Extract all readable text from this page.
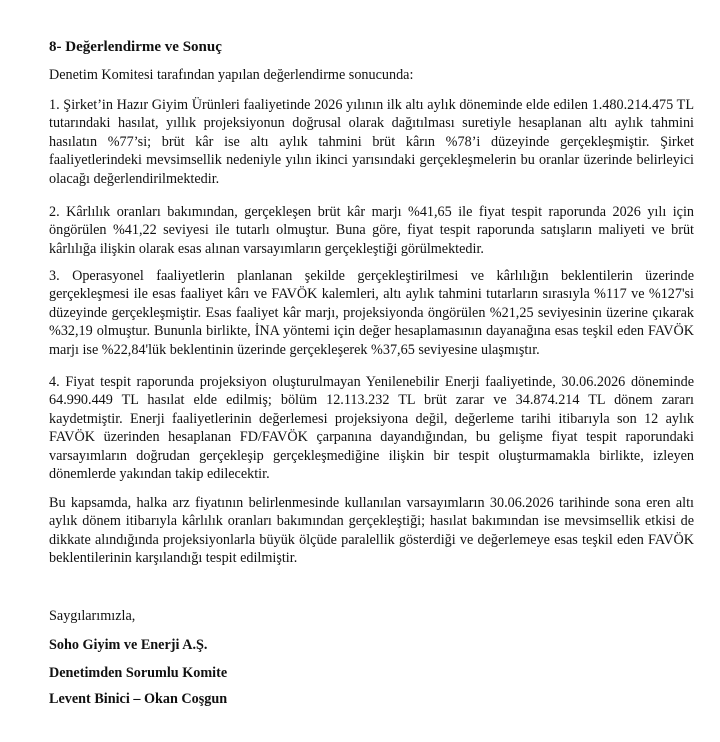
8- Değerlendirme ve Sonuç
Denetim Komitesi tarafından yapılan değerlendirme sonucunda:

1. Şirket’in Hazır Giyim Ürünleri faaliyetinde 2026 yılının ilk altı aylık döneminde elde edilen 1.480.214.475 TL tutarındaki hasılat, yıllık projeksiyonun doğrusal olarak dağıtılması suretiyle hesaplanan altı aylık tahmini hasılatın %77’si; brüt kâr ise altı aylık tahmini brüt kârın %78’i düzeyinde gerçekleşmiştir. Şirket faaliyetlerindeki mevsimsellik nedeniyle yılın ikinci yarısındaki gerçekleşmelerin bu oranlar üzerinde belirleyici olacağı değerlendirilmektedir.

2. Kârlılık oranları bakımından, gerçekleşen brüt kâr marjı %41,65 ile fiyat tespit raporunda 2026 yılı için öngörülen %41,22 seviyesi ile tutarlı olmuştur. Buna göre, fiyat tespit raporunda satışların maliyeti ve brüt kârlılığa ilişkin olarak esas alınan varsayımların gerçekleştiği görülmektedir.

3. Operasyonel faaliyetlerin planlanan şekilde gerçekleştirilmesi ve kârlılığın beklentilerin üzerinde gerçekleşmesi ile esas faaliyet kârı ve FAVÖK kalemleri, altı aylık tahmini tutarların sırasıyla %117 ve %127'si düzeyinde gerçekleşmiştir. Esas faaliyet kâr marjı, projeksiyonda öngörülen %21,25 seviyesinin üzerine çıkarak %32,19 olmuştur. Bununla birlikte, İNA yöntemi için değer hesaplamasının dayanağına esas teşkil eden FAVÖK marjı ise %22,84'lük beklentinin üzerinde gerçekleşerek %37,65 seviyesine ulaşmıştır.

4. Fiyat tespit raporunda projeksiyon oluşturulmayan Yenilenebilir Enerji faaliyetinde, 30.06.2026 döneminde 64.990.449 TL hasılat elde edilmiş; bölüm 12.113.232 TL brüt zarar ve 34.874.214 TL dönem zararı kaydetmiştir. Enerji faaliyetlerinin değerlemesi projeksiyona değil, değerleme tarihi itibarıyla son 12 aylık FAVÖK üzerinden hesaplanan FD/FAVÖK çarpanına dayandığından, bu gelişme fiyat tespit raporundaki varsayımların doğrudan gerçekleşip gerçekleşmediğine ilişkin bir tespit oluşturmamakla birlikte, izleyen dönemlerde yakından takip edilecektir.

Bu kapsamda, halka arz fiyatının belirlenmesinde kullanılan varsayımların 30.06.2026 tarihinde sona eren altı aylık dönem itibarıyla kârlılık oranları bakımından gerçekleştiği; hasılat bakımından ise mevsimsellik etkisi de dikkate alındığında projeksiyonlarla büyük ölçüde paralellik gösterdiği ve değerlemeye esas teşkil eden FAVÖK beklentilerinin karşılandığı tespit edilmiştir.

Saygılarımızla,
Soho Giyim ve Enerji A.Ş.
Denetimden Sorumlu Komite
Levent Binici – Okan Coşgun
